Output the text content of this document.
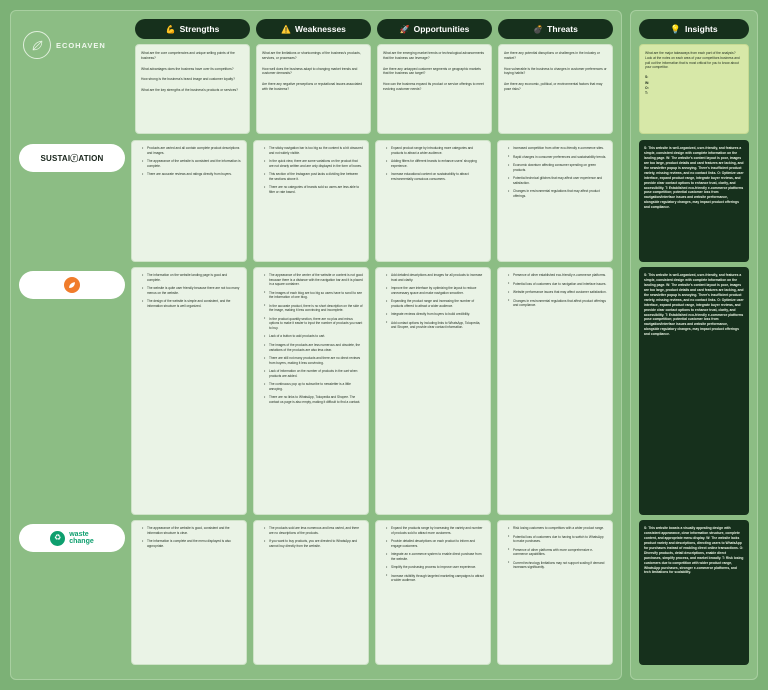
ECOHAVEN
💪 Strengths

What are the core competencies and unique selling points of the business?

What advantages does the business have over its competitors?

How strong is the business's brand image and customer loyalty?

What are the key strengths of the business's products or services?

⚠️ Weaknesses

What are the limitations or shortcomings of the business's products, services, or processes?

How well does the business adapt to changing market trends and customer demands?

Are there any negative perceptions or reputational issues associated with the business?

🚀 Opportunities

What are the emerging market trends or technological advancements that the business can leverage?

Are there any untapped customer segments or geographic markets that the business can target?

How can the business expand its product or service offerings to meet evolving customer needs?

💣 Threats

Are there any potential disruptions or challenges in the industry or market?

How vulnerable is the business to changes in customer preferences or buying habits?

Are there any economic, political, or environmental factors that may pose risks?

SUSTAIⓡATION
• Products are varied and all contain complete product descriptions and images.
• The appearance of the website is consistent and the information is complete.
• There are accurate reviews and ratings directly from buyers.
• The sticky navigation bar is too big so the content is a bit obscured and not widely visible.
• In the quick view, there are some variations on the product that are not clearly written and are only displayed in the form of boxes.
• This section of the Instagram post lacks a dividing line between the sections above it.
• There are no categories of brands sold so users are less able to filter or rate based.
• Expand product range by introducing more categories and products to attract a wider audience.
• Adding filters for different brands to enhance users' shopping experience.
• Increase educational content on sustainability to attract environmentally conscious consumers.
• Increased competition from other eco-friendly e-commerce sites.
• Rapid changes in consumer preferences and sustainability trends.
• Economic downturn affecting consumer spending on green products.
• Potential technical glitches that may affect user experience and satisfaction.
• Changes in environmental regulations that may affect product offerings.
• The information on the website landing page is good and complete.
• The website is quite user friendly because there are not too many menus on the website.
• The design of the website is simple and consistent, and the information structure is well organized.
• The appearance of the center of the website or content is not good because there is a distance with the navigation bar and it is placed in a square container.
• The images of each blog are too big so users have to scroll to see the information of one blog.
• In the accurate product, there is no short description on the side of the image, making it less convincing and incomplete.
• In the product quantity section, there are no plus and minus options to make it easier to input the number of products you want to buy.
• Lack of a button to add products to cart.
• The images of the products are less numerous and obsolete, the variations of the products are also less clear.
• There are still not many products and there are no direct reviews from buyers, making it less convincing.
• Lack of information on the number of products in the cart when products are added.
• The continuous pop up to subscribe to newsletter is a little annoying.
• There are no links to WhatsApp, Tokopedia and Shopee. The contact us page is also empty, making it difficult to find a contact.
• Add detailed descriptions and images for all products to increase trust and clarity.
• Improve the user interface by optimizing the layout to reduce unnecessary space and make navigation smoother.
• Expanding the product range and increasing the number of products offered to attract a wider audience.
• Integrate reviews directly from buyers to build credibility.
• Add contact options by including links to WhatsApp, Tokopedia, and Shopee, and provide clear contact information.
• Presence of other established eco-friendly e-commerce platforms.
• Potential loss of customers due to navigation and interface issues.
• Website performance issues that may affect customer satisfaction.
• Changes in environmental regulations that affect product offerings and compliance.
♻	waste
change
• The appearance of the website is good, consistent and the information structure is clear.
• The information is complete and the menu displayed is also appropriate.
• The products sold are less numerous and less varied, and there are no descriptions of the products.
• If you want to buy products, you are directed to WhatsApp and cannot buy directly from the website.
• Expand the products range by increasing the variety and number of products sold to attract more customers.
• Provide detailed descriptions on each product to inform and engage customers.
• Integrate an e-commerce system to enable direct purchase from the website.
• Simplify the purchasing process to improve user experience.
• Increase visibility through targeted marketing campaigns to attract a wider audience.
• Risk losing customers to competitors with a wider product range.
• Potential loss of customers due to having to switch to WhatsApp to make purchases.
• Presence of other platforms with more comprehensive e-commerce capabilities.
• Current technology limitations may not support scaling if demand increases significantly.
💡 Insights

What are the major takeaways from each part of the analysis? Look at the notes on each area of your competitors business and pull out the information that is most critical for you to know about your competitor.

S:

W:

O:

T:

S: This website is well-organized, user-friendly, and features a simple, consistent design with complete information on the landing page. W: The website's content layout is poor, images are too large, product details and card features are lacking, and the newsletter popup is annoying. There's insufficient product variety, missing reviews, and no contact links. O: Optimize user interface, expand product range, integrate buyer reviews, and provide clear contact options to enhance trust, clarity, and accessibility. T: Established eco-friendly e-commerce platforms pose competition; potential customer loss from navigation/interface issues and website performance, alongside regulatory changes, may impact product offerings and compliance.

S: This website is well-organized, user-friendly, and features a simple, consistent design with complete information on the landing page. W: The website's content layout is poor, images are too large, product details and card features are lacking, and the newsletter popup is annoying. There's insufficient product variety, missing reviews, and no contact links. O: Optimize user interface, expand product range, integrate buyer reviews, and provide clear contact options to enhance trust, clarity, and accessibility. T: Established eco-friendly e-commerce platforms pose competition; potential customer loss from navigation/interface issues and website performance, alongside regulatory changes, may impact product offerings and compliance.

S: This website boasts a visually appealing design with consistent appearance, clear information structure, complete content, and appropriate menu display. W: The website lacks product variety and descriptions, directing users to WhatsApp for purchases instead of enabling direct online transactions. O: Diversify products, detail descriptions, enable direct purchases, simplify process, and market broadly. T: Risk losing customers due to competition with wider product range, WhatsApp purchases, stronger e-commerce platforms, and tech limitations for scalability.
